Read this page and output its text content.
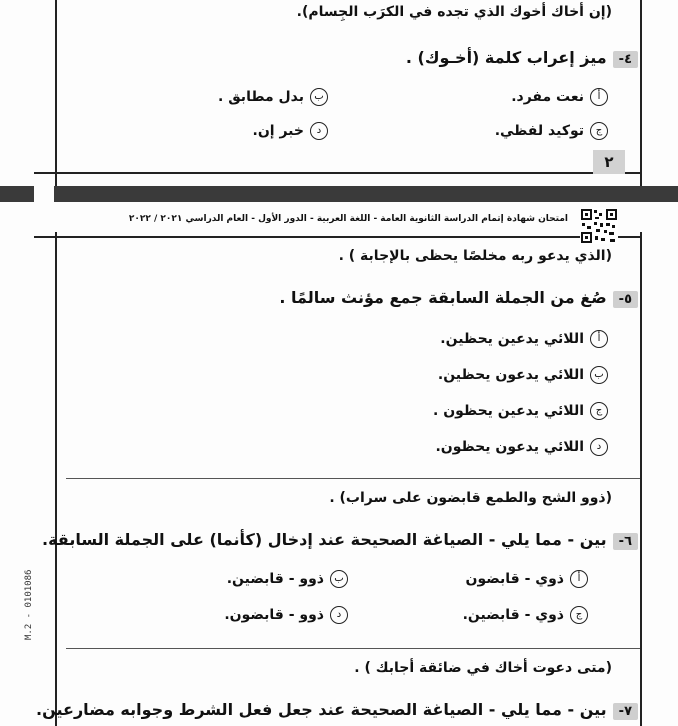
(إن أخاك أخوك الذي تجده في الكرَب الجِسام).
٤-ميز إعراب كلمة (أخـوك) .
أنعت مفرد.
ببدل مطابق .
جتوكيد لفظي.
دخبر إن.
٢
امتحان شهادة إتمام الدراسة الثانوية العامة - اللغة العربية - الدور الأول - العام الدراسي ٢٠٢١ / ٢٠٢٢
(الذي يدعو ربه مخلصًا يحظى بالإجابة ) .
٥-صُغ من الجملة السابقة جمع مؤنث سالمًا .
أاللائي يدعين يحظين.
باللائي يدعون يحظين.
جاللائي يدعين يحظون .
داللائي يدعون يحظون.
(ذوو الشح والطمع قابضون على سراب) .
٦-بين - مما يلي - الصياغة الصحيحة عند إدخال (كأنما) على الجملة السابقة.
أذوي - قابضون
بذوو - قابضين.
جذوي - قابضين.
دذوو - قابضون.
(متى دعوت أخاك في ضائقة أجابك ) .
٧-بين - مما يلي - الصياغة الصحيحة عند جعل فعل الشرط وجوابه مضارعين.
M.2 - 0101086
